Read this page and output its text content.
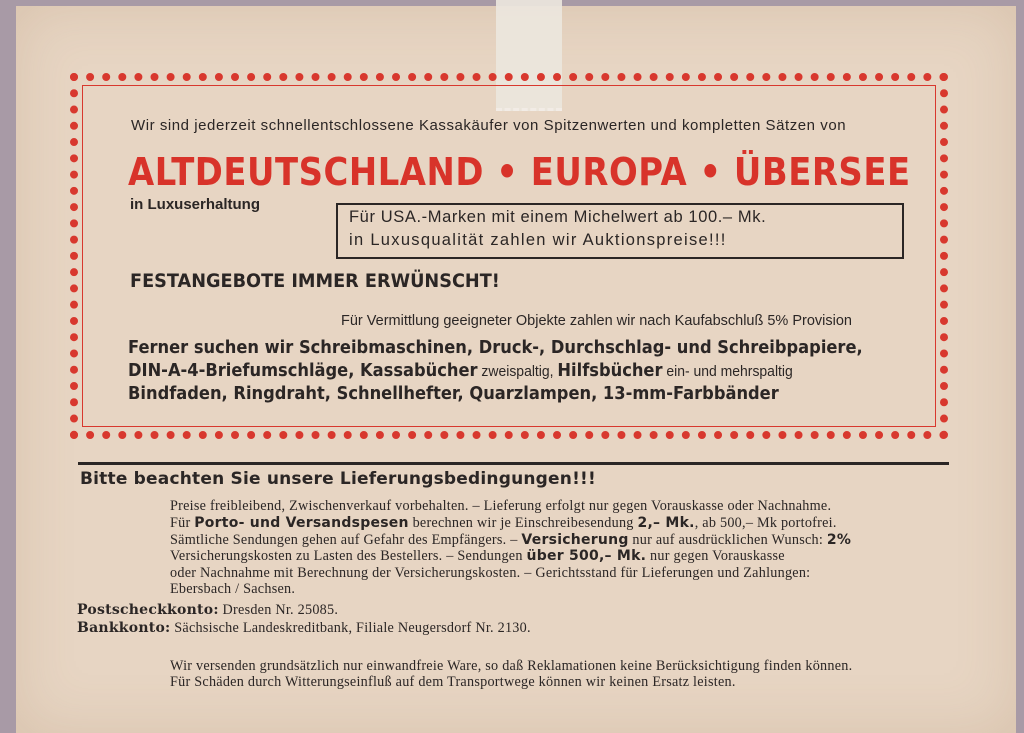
Wir sind jederzeit schnellentschlossene Kassakäufer von Spitzenwerten und kompletten Sätzen von
ALTDEUTSCHLAND • EUROPA • ÜBERSEE
in Luxuserhaltung
Für USA.-Marken mit einem Michelwert ab 100.– Mk.
in Luxusqualität zahlen wir Auktionspreise!!!
FESTANGEBOTE IMMER ERWÜNSCHT!
Für Vermittlung geeigneter Objekte zahlen wir nach Kaufabschluß 5% Provision
Ferner suchen wir Schreibmaschinen, Druck-, Durchschlag- und Schreibpapiere,
DIN-A-4-Briefumschläge, Kassabücher zweispaltig, Hilfsbücher ein- und mehrspaltig
Bindfaden, Ringdraht, Schnellhefter, Quarzlampen, 13-mm-Farbbänder
Bitte beachten Sie unsere Lieferungsbedingungen!!!
Preise freibleibend, Zwischenverkauf vorbehalten. – Lieferung erfolgt nur gegen Vorauskasse oder Nachnahme.
Für Porto- und Versandspesen berechnen wir je Einschreibesendung 2,– Mk., ab 500,– Mk portofrei.
Sämtliche Sendungen gehen auf Gefahr des Empfängers. – Versicherung nur auf ausdrücklichen Wunsch: 2%
Versicherungskosten zu Lasten des Bestellers. – Sendungen über 500,– Mk. nur gegen Vorauskasse
oder Nachnahme mit Berechnung der Versicherungskosten. – Gerichtsstand für Lieferungen und Zahlungen:
Ebersbach / Sachsen.
Postscheckkonto: Dresden Nr. 25085.
Bankkonto: Sächsische Landeskreditbank, Filiale Neugersdorf Nr. 2130.
Wir versenden grundsätzlich nur einwandfreie Ware, so daß Reklamationen keine Berücksichtigung finden können.
Für Schäden durch Witterungseinfluß auf dem Transportwege können wir keinen Ersatz leisten.
